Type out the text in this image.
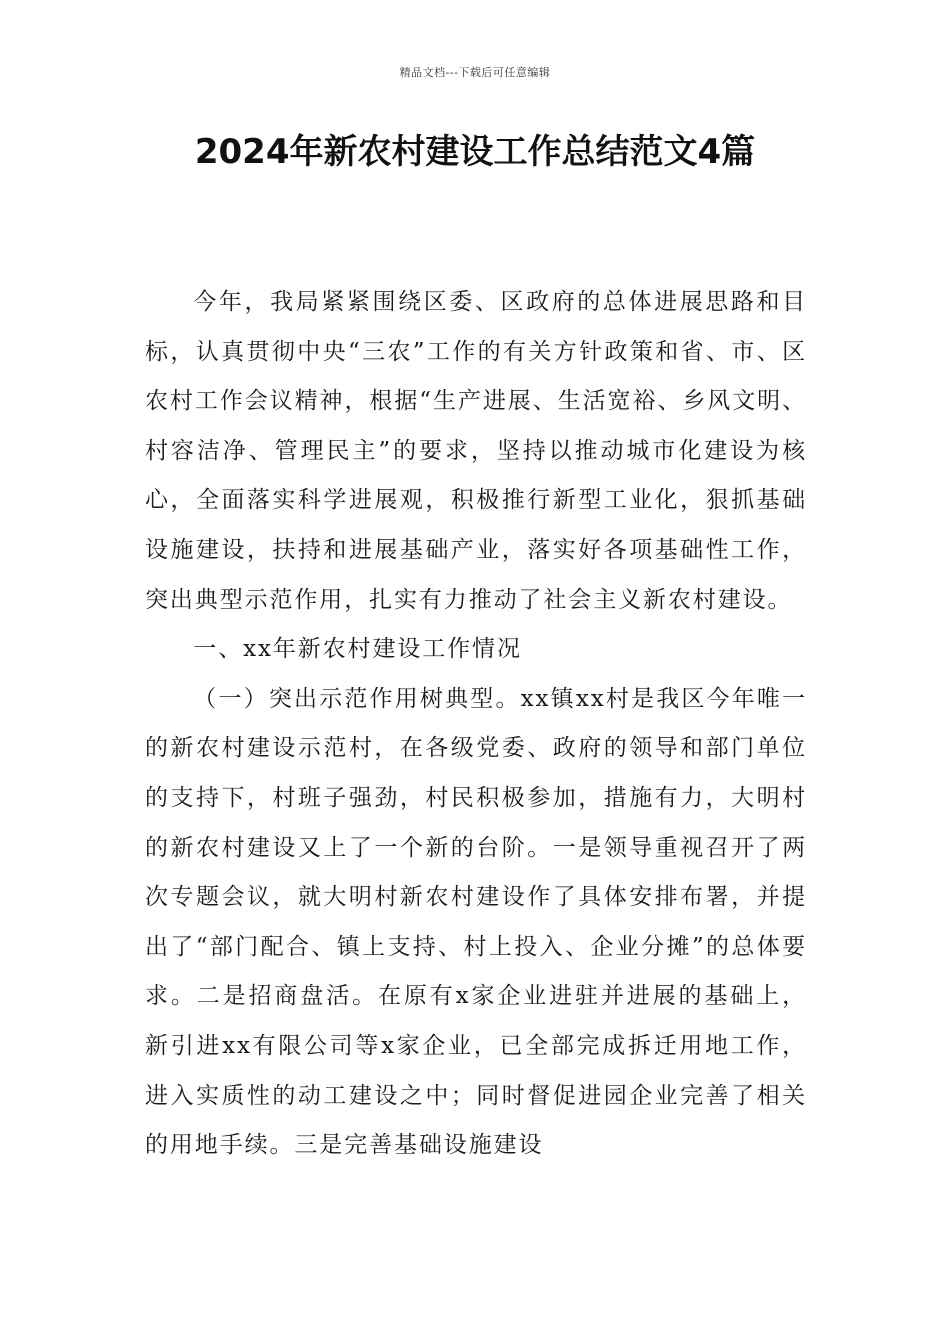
精品文档---下载后可任意编辑
2024年新农村建设工作总结范文4篇

今年，我局紧紧围绕区委、区政府的总体进展思路和目标，认真贯彻中央“三农”工作的有关方针政策和省、市、区农村工作会议精神，根据“生产进展、生活宽裕、乡风文明、村容洁净、管理民主”的要求，坚持以推动城市化建设为核心，全面落实科学进展观，积极推行新型工业化，狠抓基础设施建设，扶持和进展基础产业，落实好各项基础性工作，突出典型示范作用，扎实有力推动了社会主义新农村建设。

一、xx年新农村建设工作情况

（一）突出示范作用树典型。xx镇xx村是我区今年唯一的新农村建设示范村，在各级党委、政府的领导和部门单位的支持下，村班子强劲，村民积极参加，措施有力，大明村的新农村建设又上了一个新的台阶。一是领导重视召开了两次专题会议，就大明村新农村建设作了具体安排布署，并提出了“部门配合、镇上支持、村上投入、企业分摊”的总体要求。二是招商盘活。在原有x家企业进驻并进展的基础上，新引进xx有限公司等x家企业，已全部完成拆迁用地工作，进入实质性的动工建设之中；同时督促进园企业完善了相关的用地手续。三是完善基础设施建设
